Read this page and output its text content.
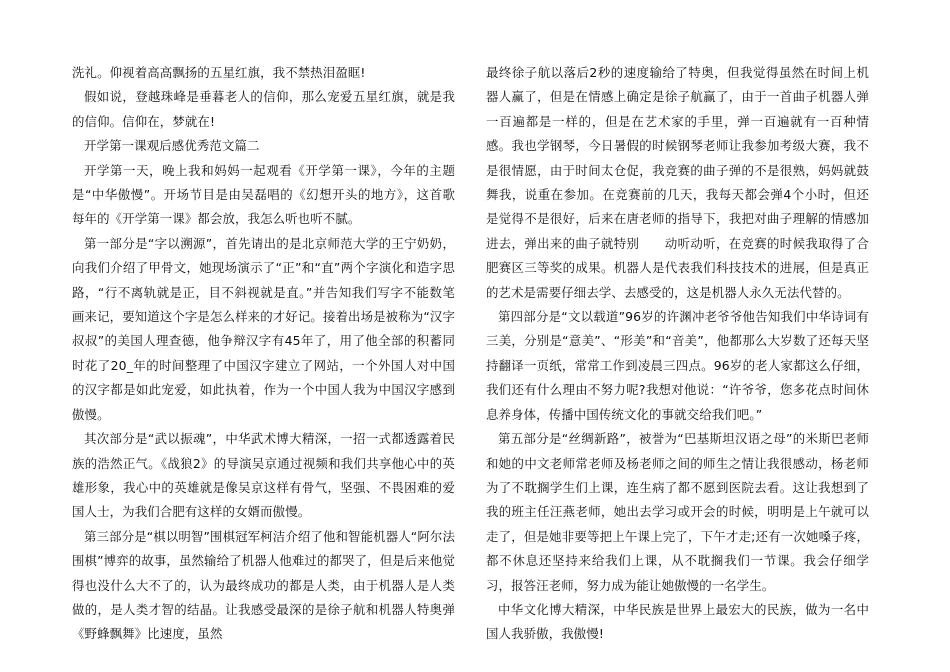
洗礼。仰视着高高飘扬的五星红旗，我不禁热泪盈眶!

假如说，登越珠峰是垂暮老人的信仰，那么宠爱五星红旗，就是我的信仰。信仰在，梦就在!

开学第一课观后感优秀范文篇二

开学第一天，晚上我和妈妈一起观看《开学第一课》，今年的主题是“中华傲慢”。开场节目是由吴磊唱的《幻想开头的地方》，这首歌每年的《开学第一课》都会放，我怎么听也听不腻。

第一部分是“字以溯源”，首先请出的是北京师范大学的王宁奶奶，向我们介绍了甲骨文，她现场演示了“正”和“直”两个字演化和造字思路，“行不离轨就是正，目不斜视就是直。”并告知我们写字不能数笔画来记，要知道这个字是怎么样来的才好记。接着出场是被称为“汉字叔叔”的美国人理查德，他争辩汉字有45年了，用了他全部的积蓄同时花了20_年的时间整理了中国汉字建立了网站，一个外国人对中国的汉字都是如此宠爱，如此执着，作为一个中国人我为中国汉字感到傲慢。

其次部分是“武以振魂”，中华武术博大精深，一招一式都透露着民族的浩然正气。《战狼2》的导演吴京通过视频和我们共享他心中的英雄形象，我心中的英雄就是像吴京这样有骨气，坚强、不畏困难的爱国人士，为我们合肥有这样的女婿而傲慢。

第三部分是“棋以明智”围棋冠军柯洁介绍了他和智能机器人“阿尔法围棋”博弈的故事，虽然输给了机器人他难过的都哭了，但是后来他觉得也没什么大不了的，认为最终成功的都是人类，由于机器人是人类做的，是人类才智的结晶。让我感受最深的是徐子航和机器人特奥弹《野蜂飘舞》比速度，虽然

最终徐子航以落后2秒的速度输给了特奥，但我觉得虽然在时间上机器人赢了，但是在情感上确定是徐子航赢了，由于一首曲子机器人弹一百遍都是一样的，但是在艺术家的手里，弹一百遍就有一百种情感。我也学钢琴，今日暑假的时候钢琴老师让我参加考级大赛，我不是很情愿，由于时间太仓促，我竞赛的曲子弹的不是很熟，妈妈就鼓舞我，说重在参加。在竞赛前的几天，我每天都会弹4个小时，但还是觉得不是很好，后来在唐老师的指导下，我把对曲子理解的情感加进去，弹出来的曲子就特别　　动听动听，在竞赛的时候我取得了合肥赛区三等奖的成果。机器人是代表我们科技技术的进展，但是真正的艺术是需要仔细去学、去感受的，这是机器人永久无法代替的。

第四部分是“文以载道”96岁的许渊冲老爷爷他告知我们中华诗词有三美，分别是“意美”、“形美”和“音美”，他都那么大岁数了还每天坚持翻译一页纸，常常工作到凌晨三四点。96岁的老人家都这么仔细，我们还有什么理由不努力呢?我想对他说：“许爷爷，您多花点时间休息养身体，传播中国传统文化的事就交给我们吧。”

第五部分是“丝绸新路”，被誉为“巴基斯坦汉语之母”的米斯巴老师和她的中文老师常老师及杨老师之间的师生之情让我很感动，杨老师为了不耽搁学生们上课，连生病了都不愿到医院去看。这让我想到了我的班主任汪燕老师，她出去学习或开会的时候，明明是上午就可以走了，但是她非要等把上午课上完了，下午才走;还有一次她嗓子疼，都不休息还坚持来给我们上课，从不耽搁我们一节课。我会仔细学习，报答汪老师，努力成为能让她傲慢的一名学生。

中华文化博大精深，中华民族是世界上最宏大的民族，做为一名中国人我骄傲，我傲慢!
